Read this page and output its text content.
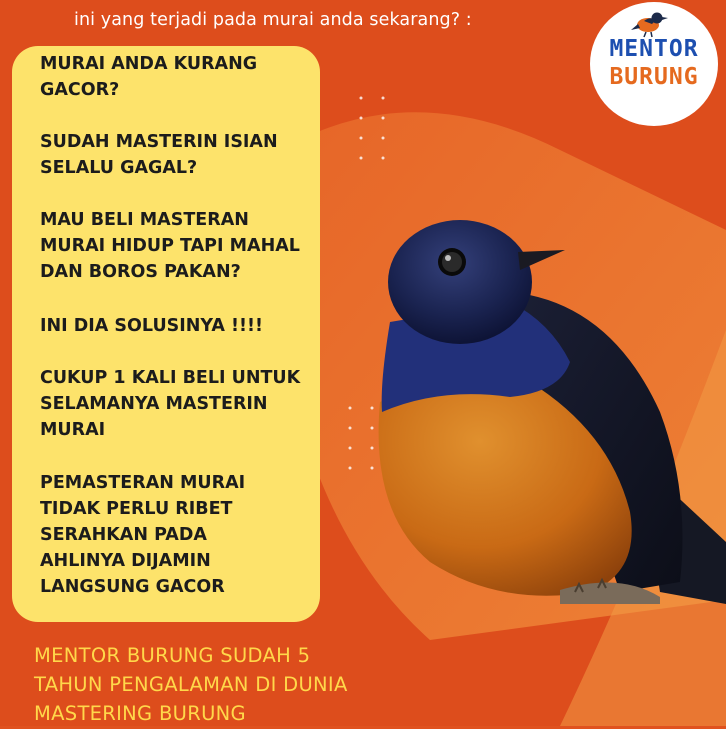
ini yang terjadi pada murai anda sekarang? :
MENTOR
BURUNG
MURAI ANDA KURANG
GACOR?
SUDAH MASTERIN ISIAN
SELALU GAGAL?
MAU BELI MASTERAN
MURAI HIDUP TAPI MAHAL
DAN BOROS PAKAN?
INI DIA SOLUSINYA !!!!
CUKUP 1 KALI BELI UNTUK
SELAMANYA MASTERIN
MURAI
PEMASTERAN MURAI
TIDAK PERLU RIBET
SERAHKAN PADA
AHLINYA DIJAMIN
LANGSUNG GACOR
MENTOR BURUNG SUDAH 5
TAHUN PENGALAMAN DI DUNIA
MASTERING BURUNG
